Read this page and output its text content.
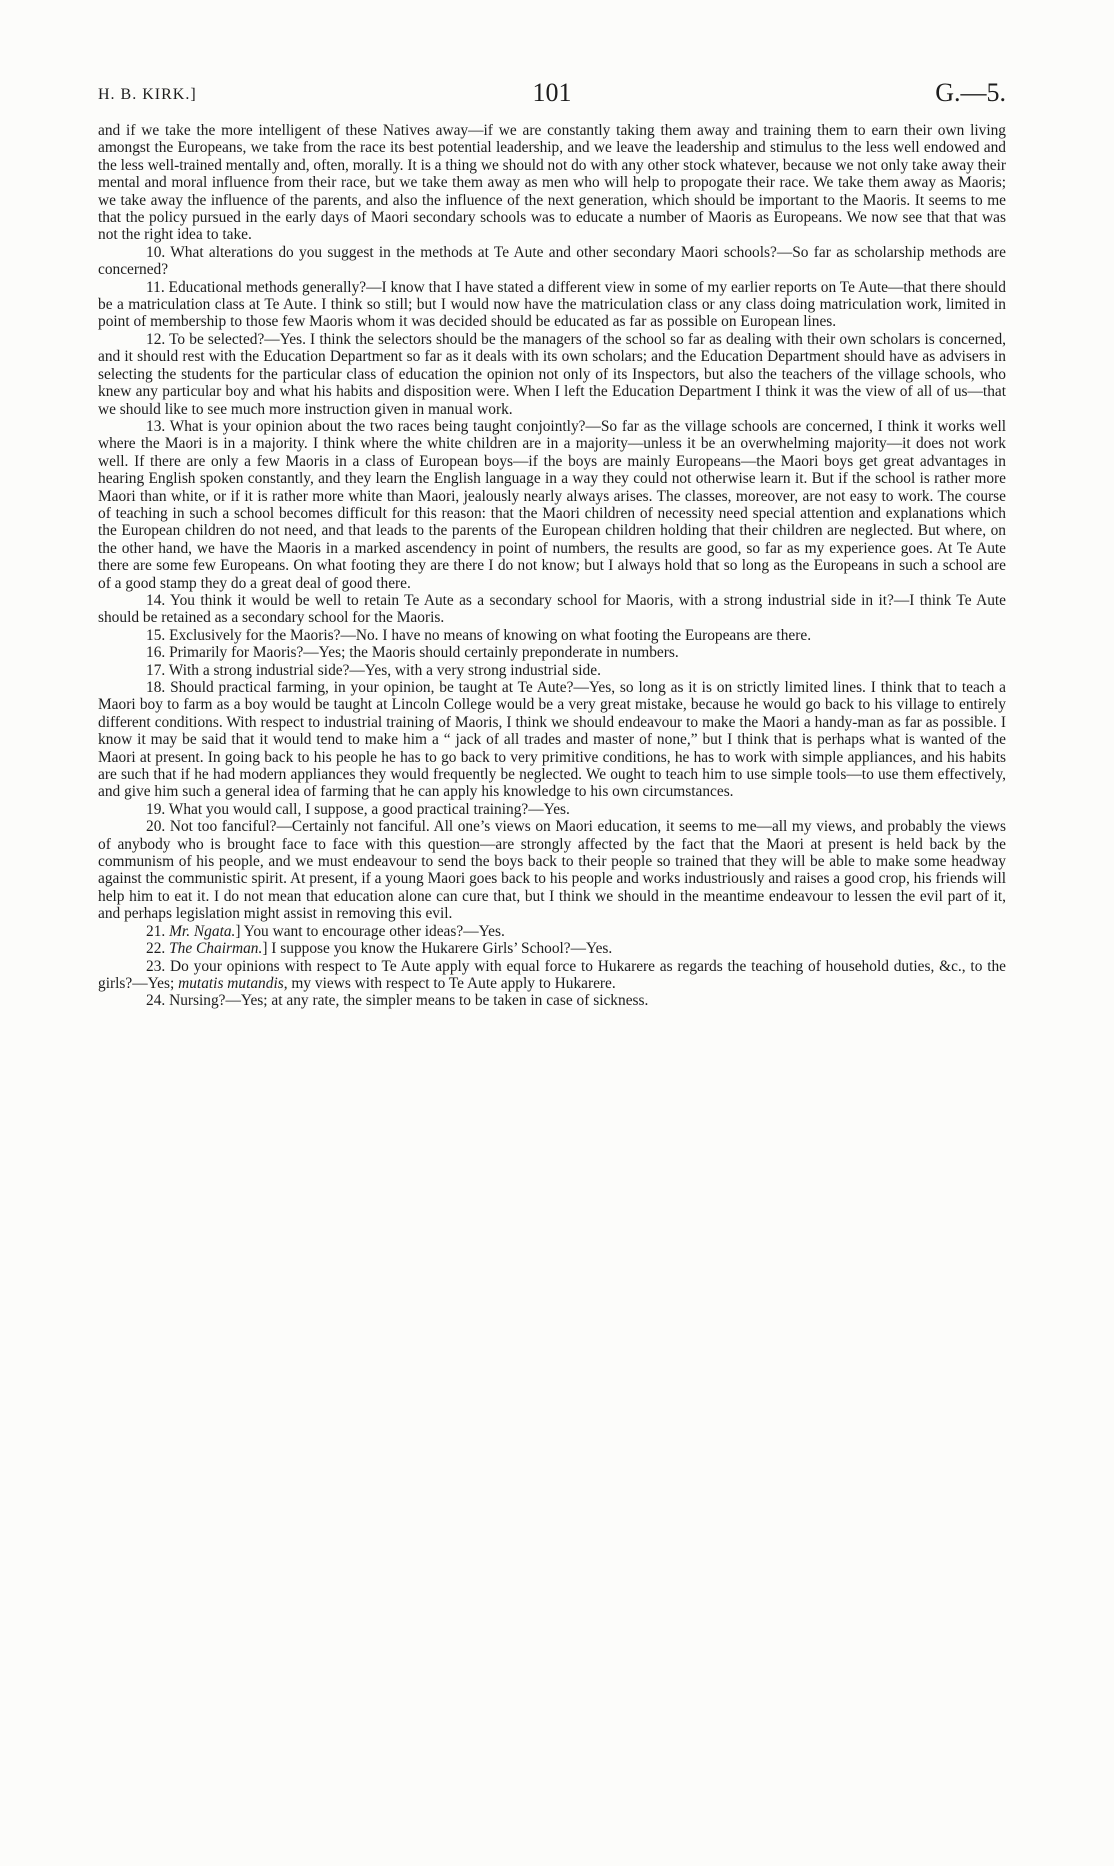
H. B. KIRK.]	101	G.—5.

and if we take the more intelligent of these Natives away—if we are constantly taking them away and training them to earn their own living amongst the Europeans, we take from the race its best potential leadership, and we leave the leadership and stimulus to the less well endowed and the less well-trained mentally and, often, morally. It is a thing we should not do with any other stock whatever, because we not only take away their mental and moral influence from their race, but we take them away as men who will help to propogate their race. We take them away as Maoris; we take away the influence of the parents, and also the influence of the next generation, which should be important to the Maoris. It seems to me that the policy pursued in the early days of Maori secondary schools was to educate a number of Maoris as Europeans. We now see that that was not the right idea to take.

10. What alterations do you suggest in the methods at Te Aute and other secondary Maori schools?—So far as scholarship methods are concerned?

11. Educational methods generally?—I know that I have stated a different view in some of my earlier reports on Te Aute—that there should be a matriculation class at Te Aute. I think so still; but I would now have the matriculation class or any class doing matriculation work, limited in point of membership to those few Maoris whom it was decided should be educated as far as possible on European lines.

12. To be selected?—Yes. I think the selectors should be the managers of the school so far as dealing with their own scholars is concerned, and it should rest with the Education Department so far as it deals with its own scholars; and the Education Department should have as advisers in selecting the students for the particular class of education the opinion not only of its Inspectors, but also the teachers of the village schools, who knew any particular boy and what his habits and disposition were. When I left the Education Department I think it was the view of all of us—that we should like to see much more instruction given in manual work.

13. What is your opinion about the two races being taught conjointly?—So far as the village schools are concerned, I think it works well where the Maori is in a majority. I think where the white children are in a majority—unless it be an overwhelming majority—it does not work well. If there are only a few Maoris in a class of European boys—if the boys are mainly Europeans—the Maori boys get great advantages in hearing English spoken constantly, and they learn the English language in a way they could not otherwise learn it. But if the school is rather more Maori than white, or if it is rather more white than Maori, jealously nearly always arises. The classes, moreover, are not easy to work. The course of teaching in such a school becomes difficult for this reason: that the Maori children of necessity need special attention and explanations which the European children do not need, and that leads to the parents of the European children holding that their children are neglected. But where, on the other hand, we have the Maoris in a marked ascendency in point of numbers, the results are good, so far as my experience goes. At Te Aute there are some few Europeans. On what footing they are there I do not know; but I always hold that so long as the Europeans in such a school are of a good stamp they do a great deal of good there.

14. You think it would be well to retain Te Aute as a secondary school for Maoris, with a strong industrial side in it?—I think Te Aute should be retained as a secondary school for the Maoris.

15. Exclusively for the Maoris?—No. I have no means of knowing on what footing the Europeans are there.

16. Primarily for Maoris?—Yes; the Maoris should certainly preponderate in numbers.

17. With a strong industrial side?—Yes, with a very strong industrial side.

18. Should practical farming, in your opinion, be taught at Te Aute?—Yes, so long as it is on strictly limited lines. I think that to teach a Maori boy to farm as a boy would be taught at Lincoln College would be a very great mistake, because he would go back to his village to entirely different conditions. With respect to industrial training of Maoris, I think we should endeavour to make the Maori a handy-man as far as possible. I know it may be said that it would tend to make him a “ jack of all trades and master of none,” but I think that is perhaps what is wanted of the Maori at present. In going back to his people he has to go back to very primitive conditions, he has to work with simple appliances, and his habits are such that if he had modern appliances they would frequently be neglected. We ought to teach him to use simple tools—to use them effectively, and give him such a general idea of farming that he can apply his knowledge to his own circumstances.

19. What you would call, I suppose, a good practical training?—Yes.

20. Not too fanciful?—Certainly not fanciful. All one’s views on Maori education, it seems to me—all my views, and probably the views of anybody who is brought face to face with this question—are strongly affected by the fact that the Maori at present is held back by the communism of his people, and we must endeavour to send the boys back to their people so trained that they will be able to make some headway against the communistic spirit. At present, if a young Maori goes back to his people and works industriously and raises a good crop, his friends will help him to eat it. I do not mean that education alone can cure that, but I think we should in the meantime endeavour to lessen the evil part of it, and perhaps legislation might assist in removing this evil.

21. Mr. Ngata.] You want to encourage other ideas?—Yes.

22. The Chairman.] I suppose you know the Hukarere Girls’ School?—Yes.

23. Do your opinions with respect to Te Aute apply with equal force to Hukarere as regards the teaching of household duties, &c., to the girls?—Yes; mutatis mutandis, my views with respect to Te Aute apply to Hukarere.

24. Nursing?—Yes; at any rate, the simpler means to be taken in case of sickness.
